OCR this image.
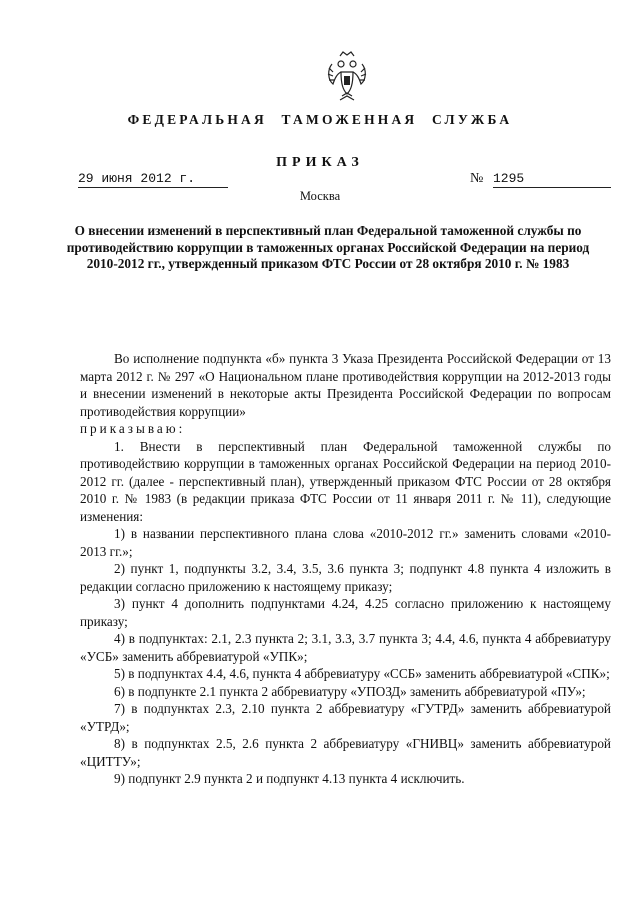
ФЕДЕРАЛЬНАЯ ТАМОЖЕННАЯ СЛУЖБА
ПРИКАЗ
29 июня 2012 г.	№ 1295
Москва

О внесении изменений в перспективный план Федеральной таможенной службы по противодействию коррупции в таможенных органах Российской Федерации на период 2010-2012 гг., утвержденный приказом ФТС России от 28 октября 2010 г. № 1983

Во исполнение подпункта «б» пункта 3 Указа Президента Российской Федерации от 13 марта 2012 г. № 297 «О Национальном плане противодействия коррупции на 2012-2013 годы и внесении изменений в некоторые акты Президента Российской Федерации по вопросам противодействия коррупции»

приказываю:

1. Внести в перспективный план Федеральной таможенной службы по противодействию коррупции в таможенных органах Российской Федерации на период 2010-2012 гг. (далее - перспективный план), утвержденный приказом ФТС России от 28 октября 2010 г. № 1983 (в редакции приказа ФТС России от 11 января 2011 г. № 11), следующие изменения:

1) в названии перспективного плана слова «2010-2012 гг.» заменить словами «2010-2013 гг.»;

2) пункт 1, подпункты 3.2, 3.4, 3.5, 3.6 пункта 3; подпункт 4.8 пункта 4 изложить в редакции согласно приложению к настоящему приказу;

3) пункт 4 дополнить подпунктами 4.24, 4.25 согласно приложению к настоящему приказу;

4) в подпунктах: 2.1, 2.3 пункта 2; 3.1, 3.3, 3.7 пункта 3; 4.4, 4.6, пункта 4 аббревиатуру «УСБ» заменить аббревиатурой «УПК»;

5) в подпунктах 4.4, 4.6, пункта 4 аббревиатуру «ССБ» заменить аббревиатурой «СПК»;

6) в подпункте 2.1 пункта 2 аббревиатуру «УПОЗД» заменить аббревиатурой «ПУ»;

7) в подпунктах 2.3, 2.10 пункта 2 аббревиатуру «ГУТРД» заменить аббревиатурой «УТРД»;

8) в подпунктах 2.5, 2.6 пункта 2 аббревиатуру «ГНИВЦ» заменить аббревиатурой «ЦИТТУ»;

9) подпункт 2.9 пункта 2 и подпункт 4.13 пункта 4 исключить.
